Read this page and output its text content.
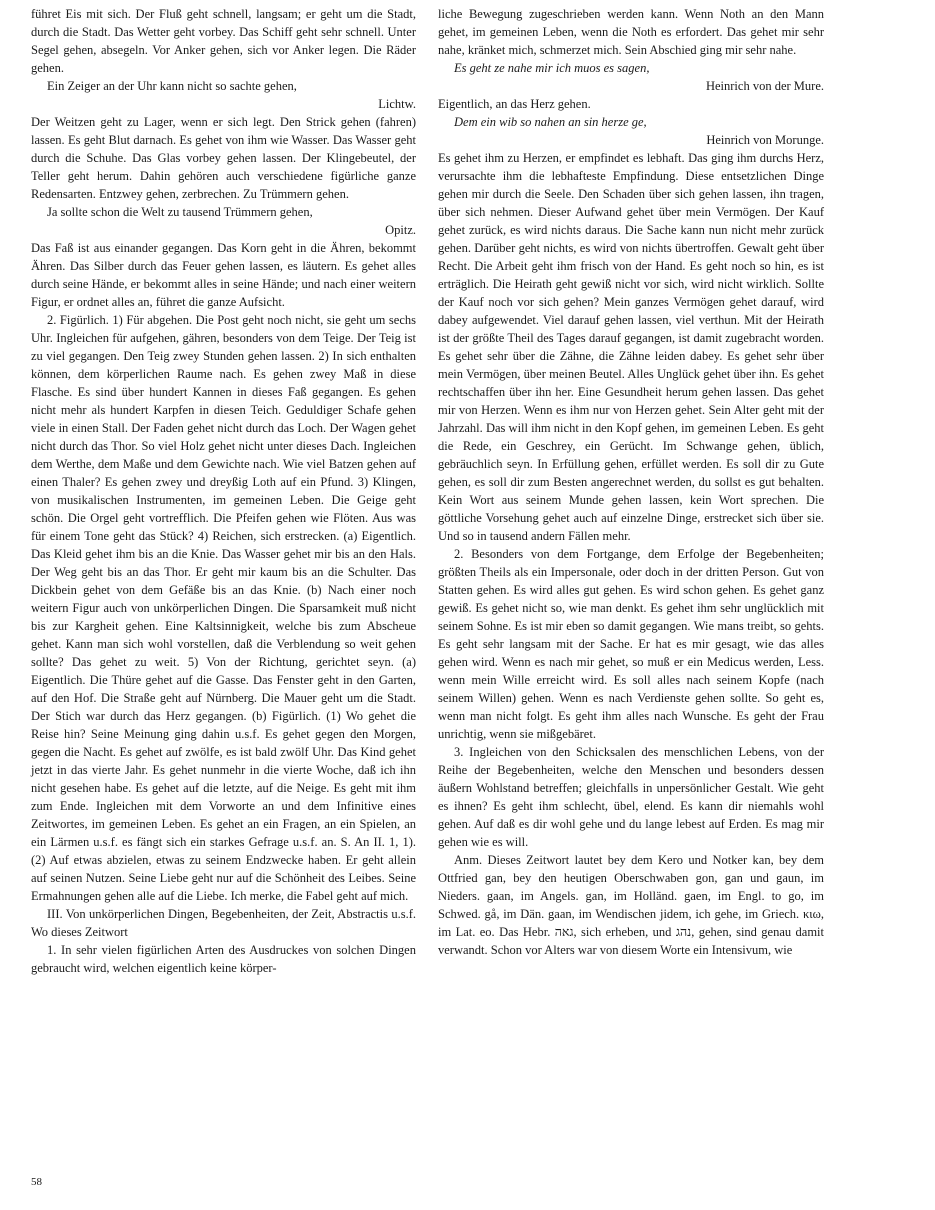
führet Eis mit sich. Der Fluß geht schnell, langsam; er geht um die Stadt, durch die Stadt. Das Wetter geht vorbey. Das Schiff geht sehr schnell. Unter Segel gehen, absegeln. Vor Anker gehen, sich vor Anker legen. Die Räder gehen.

Ein Zeiger an der Uhr kann nicht so sachte gehen,

Lichtw.

Der Weitzen geht zu Lager, wenn er sich legt. Den Strick gehen (fahren) lassen. Es geht Blut darnach. Es gehet von ihm wie Wasser. Das Wasser geht durch die Schuhe. Das Glas vorbey gehen lassen. Der Klingebeutel, der Teller geht herum. Dahin gehören auch verschiedene figürliche ganze Redensarten. Entzwey gehen, zerbrechen. Zu Trümmern gehen.

Ja sollte schon die Welt zu tausend Trümmern gehen,

Opitz.

Das Faß ist aus einander gegangen. Das Korn geht in die Ähren, bekommt Ähren. Das Silber durch das Feuer gehen lassen, es läutern. Es gehet alles durch seine Hände, er bekommt alles in seine Hände; und nach einer weitern Figur, er ordnet alles an, führet die ganze Aufsicht.

2. Figürlich. 1) Für abgehen. Die Post geht noch nicht, sie geht um sechs Uhr. Ingleichen für aufgehen, gähren, besonders von dem Teige. Der Teig ist zu viel gegangen. Den Teig zwey Stunden gehen lassen. 2) In sich enthalten können, dem körperlichen Raume nach. Es gehen zwey Maß in diese Flasche. Es sind über hundert Kannen in dieses Faß gegangen. Es gehen nicht mehr als hundert Karpfen in diesen Teich. Geduldiger Schafe gehen viele in einen Stall. Der Faden gehet nicht durch das Loch. Der Wagen gehet nicht durch das Thor. So viel Holz gehet nicht unter dieses Dach. Ingleichen dem Werthe, dem Maße und dem Gewichte nach. Wie viel Batzen gehen auf einen Thaler? Es gehen zwey und dreyßig Loth auf ein Pfund. 3) Klingen, von musikalischen Instrumenten, im gemeinen Leben. Die Geige geht schön. Die Orgel geht vortrefflich. Die Pfeifen gehen wie Flöten. Aus was für einem Tone geht das Stück? 4) Reichen, sich erstrecken. (a) Eigentlich. Das Kleid gehet ihm bis an die Knie. Das Wasser gehet mir bis an den Hals. Der Weg geht bis an das Thor. Er geht mir kaum bis an die Schulter. Das Dickbein gehet von dem Gefäße bis an das Knie. (b) Nach einer noch weitern Figur auch von unkörperlichen Dingen. Die Sparsamkeit muß nicht bis zur Kargheit gehen. Eine Kaltsinnigkeit, welche bis zum Abscheue gehet. Kann man sich wohl vorstellen, daß die Verblendung so weit gehen sollte? Das gehet zu weit. 5) Von der Richtung, gerichtet seyn. (a) Eigentlich. Die Thüre gehet auf die Gasse. Das Fenster geht in den Garten, auf den Hof. Die Straße geht auf Nürnberg. Die Mauer geht um die Stadt. Der Stich war durch das Herz gegangen. (b) Figürlich. (1) Wo gehet die Reise hin? Seine Meinung ging dahin u.s.f. Es gehet gegen den Morgen, gegen die Nacht. Es gehet auf zwölfe, es ist bald zwölf Uhr. Das Kind gehet jetzt in das vierte Jahr. Es gehet nunmehr in die vierte Woche, daß ich ihn nicht gesehen habe. Es gehet auf die letzte, auf die Neige. Es geht mit ihm zum Ende. Ingleichen mit dem Vorworte an und dem Infinitive eines Zeitwortes, im gemeinen Leben. Es gehet an ein Fragen, an ein Spielen, an ein Lärmen u.s.f. es fängt sich ein starkes Gefrage u.s.f. an. S. An II. 1, 1). (2) Auf etwas abzielen, etwas zu seinem Endzwecke haben. Er geht allein auf seinen Nutzen. Seine Liebe geht nur auf die Schönheit des Leibes. Seine Ermahnungen gehen alle auf die Liebe. Ich merke, die Fabel geht auf mich.

III. Von unkörperlichen Dingen, Begebenheiten, der Zeit, Abstractis u.s.f. Wo dieses Zeitwort

1. In sehr vielen figürlichen Arten des Ausdruckes von solchen Dingen gebraucht wird, welchen eigentlich keine körper-

liche Bewegung zugeschrieben werden kann. Wenn Noth an den Mann gehet, im gemeinen Leben, wenn die Noth es erfordert. Das gehet mir sehr nahe, kränket mich, schmerzet mich. Sein Abschied ging mir sehr nahe.

Es geht ze nahe mir ich muos es sagen,

Heinrich von der Mure.

Eigentlich, an das Herz gehen.

Dem ein wib so nahen an sin herze ge,

Heinrich von Morunge.

Es gehet ihm zu Herzen, er empfindet es lebhaft. Das ging ihm durchs Herz, verursachte ihm die lebhafteste Empfindung. Diese entsetzlichen Dinge gehen mir durch die Seele. Den Schaden über sich gehen lassen, ihn tragen, über sich nehmen. Dieser Aufwand gehet über mein Vermögen. Der Kauf gehet zurück, es wird nichts daraus. Die Sache kann nun nicht mehr zurück gehen. Darüber geht nichts, es wird von nichts übertroffen. Gewalt geht über Recht. Die Arbeit geht ihm frisch von der Hand. Es geht noch so hin, es ist erträglich. Die Heirath geht gewiß nicht vor sich, wird nicht wirklich. Sollte der Kauf noch vor sich gehen? Mein ganzes Vermögen gehet darauf, wird dabey aufgewendet. Viel darauf gehen lassen, viel verthun. Mit der Heirath ist der größte Theil des Tages darauf gegangen, ist damit zugebracht worden. Es gehet sehr über die Zähne, die Zähne leiden dabey. Es gehet sehr über mein Vermögen, über meinen Beutel. Alles Unglück gehet über ihn. Es gehet rechtschaffen über ihn her. Eine Gesundheit herum gehen lassen. Das gehet mir von Herzen. Wenn es ihm nur von Herzen gehet. Sein Alter geht mit der Jahrzahl. Das will ihm nicht in den Kopf gehen, im gemeinen Leben. Es geht die Rede, ein Geschrey, ein Gerücht. Im Schwange gehen, üblich, gebräuchlich seyn. In Erfüllung gehen, erfüllet werden. Es soll dir zu Gute gehen, es soll dir zum Besten angerechnet werden, du sollst es gut behalten. Kein Wort aus seinem Munde gehen lassen, kein Wort sprechen. Die göttliche Vorsehung gehet auch auf einzelne Dinge, erstrecket sich über sie. Und so in tausend andern Fällen mehr.

2. Besonders von dem Fortgange, dem Erfolge der Begebenheiten; größten Theils als ein Impersonale, oder doch in der dritten Person. Gut von Statten gehen. Es wird alles gut gehen. Es wird schon gehen. Es gehet ganz gewiß. Es gehet nicht so, wie man denkt. Es gehet ihm sehr unglücklich mit seinem Sohne. Es ist mir eben so damit gegangen. Wie mans treibt, so gehts. Es geht sehr langsam mit der Sache. Er hat es mir gesagt, wie das alles gehen wird. Wenn es nach mir gehet, so muß er ein Medicus werden, Less. wenn mein Wille erreicht wird. Es soll alles nach seinem Kopfe (nach seinem Willen) gehen. Wenn es nach Verdienste gehen sollte. So geht es, wenn man nicht folgt. Es geht ihm alles nach Wunsche. Es geht der Frau unrichtig, wenn sie mißgebäret.

3. Ingleichen von den Schicksalen des menschlichen Lebens, von der Reihe der Begebenheiten, welche den Menschen und besonders dessen äußern Wohlstand betreffen; gleichfalls in unpersönlicher Gestalt. Wie geht es ihnen? Es geht ihm schlecht, übel, elend. Es kann dir niemahls wohl gehen. Auf daß es dir wohl gehe und du lange lebest auf Erden. Es mag mir gehen wie es will.

Anm. Dieses Zeitwort lautet bey dem Kero und Notker kan, bey dem Ottfried gan, bey den heutigen Oberschwaben gon, gan und gaun, im Nieders. gaan, im Angels. gan, im Holländ. gaen, im Engl. to go, im Schwed. gå, im Dän. gaan, im Wendischen jidem, ich gehe, im Griech. κιω, im Lat. eo. Das Hebr. גאה, sich erheben, und נהג, gehen, sind genau damit verwandt. Schon vor Alters war von diesem Worte ein Intensivum, wie

58
